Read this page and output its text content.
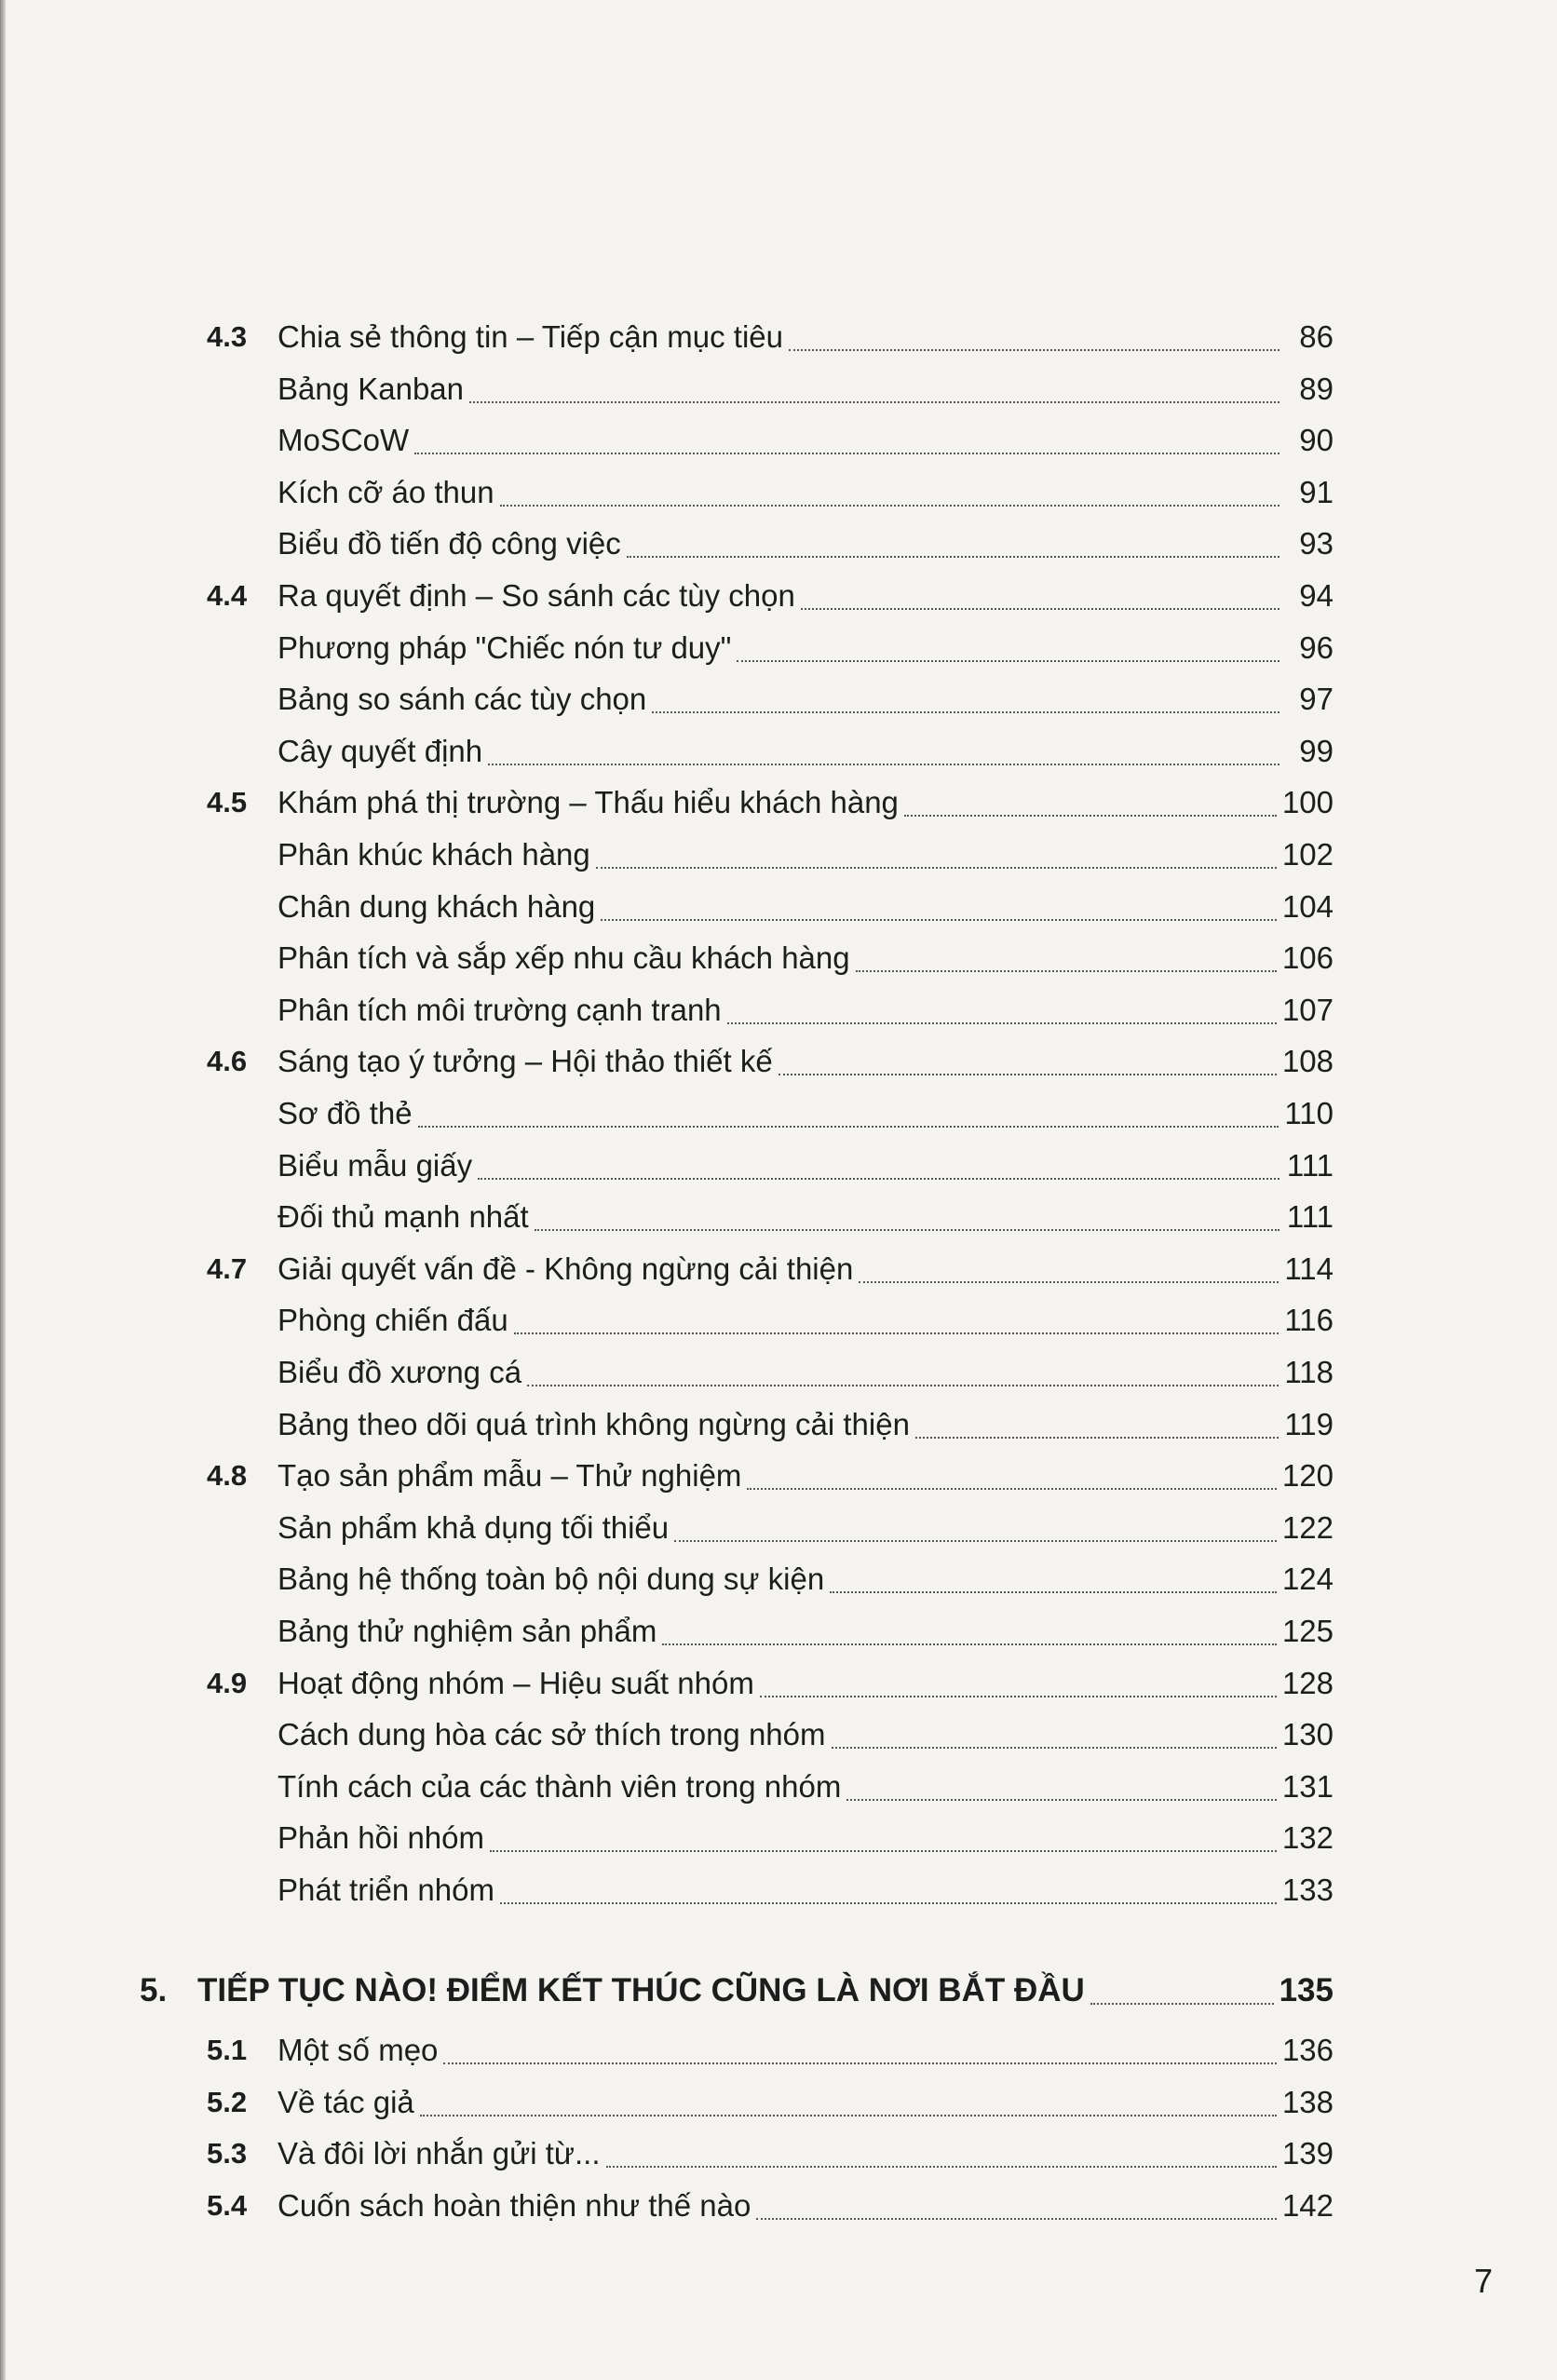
4.3 Chia sẻ thông tin – Tiếp cận mục tiêu	86
Bảng Kanban	89
MoSCoW	90
Kích cỡ áo thun	91
Biểu đồ tiến độ công việc	93
4.4 Ra quyết định – So sánh các tùy chọn	94
Phương pháp "Chiếc nón tư duy"	96
Bảng so sánh các tùy chọn	97
Cây quyết định	99
4.5 Khám phá thị trường – Thấu hiểu khách hàng	100
Phân khúc khách hàng	102
Chân dung khách hàng	104
Phân tích và sắp xếp nhu cầu khách hàng	106
Phân tích môi trường cạnh tranh	107
4.6 Sáng tạo ý tưởng – Hội thảo thiết kế	108
Sơ đồ thẻ	110
Biểu mẫu giấy	111
Đối thủ mạnh nhất	111
4.7 Giải quyết vấn đề - Không ngừng cải thiện	114
Phòng chiến đấu	116
Biểu đồ xương cá	118
Bảng theo dõi quá trình không ngừng cải thiện	119
4.8 Tạo sản phẩm mẫu – Thử nghiệm	120
Sản phẩm khả dụng tối thiểu	122
Bảng hệ thống toàn bộ nội dung sự kiện	124
Bảng thử nghiệm sản phẩm	125
4.9 Hoạt động nhóm – Hiệu suất nhóm	128
Cách dung hòa các sở thích trong nhóm	130
Tính cách của các thành viên trong nhóm	131
Phản hồi nhóm	132
Phát triển nhóm	133
5. TIẾP TỤC NÀO! ĐIỂM KẾT THÚC CŨNG LÀ NƠI BẮT ĐẦU	135
5.1 Một số mẹo	136
5.2 Về tác giả	138
5.3 Và đôi lời nhắn gửi từ...	139
5.4 Cuốn sách hoàn thiện như thế nào	142
7
